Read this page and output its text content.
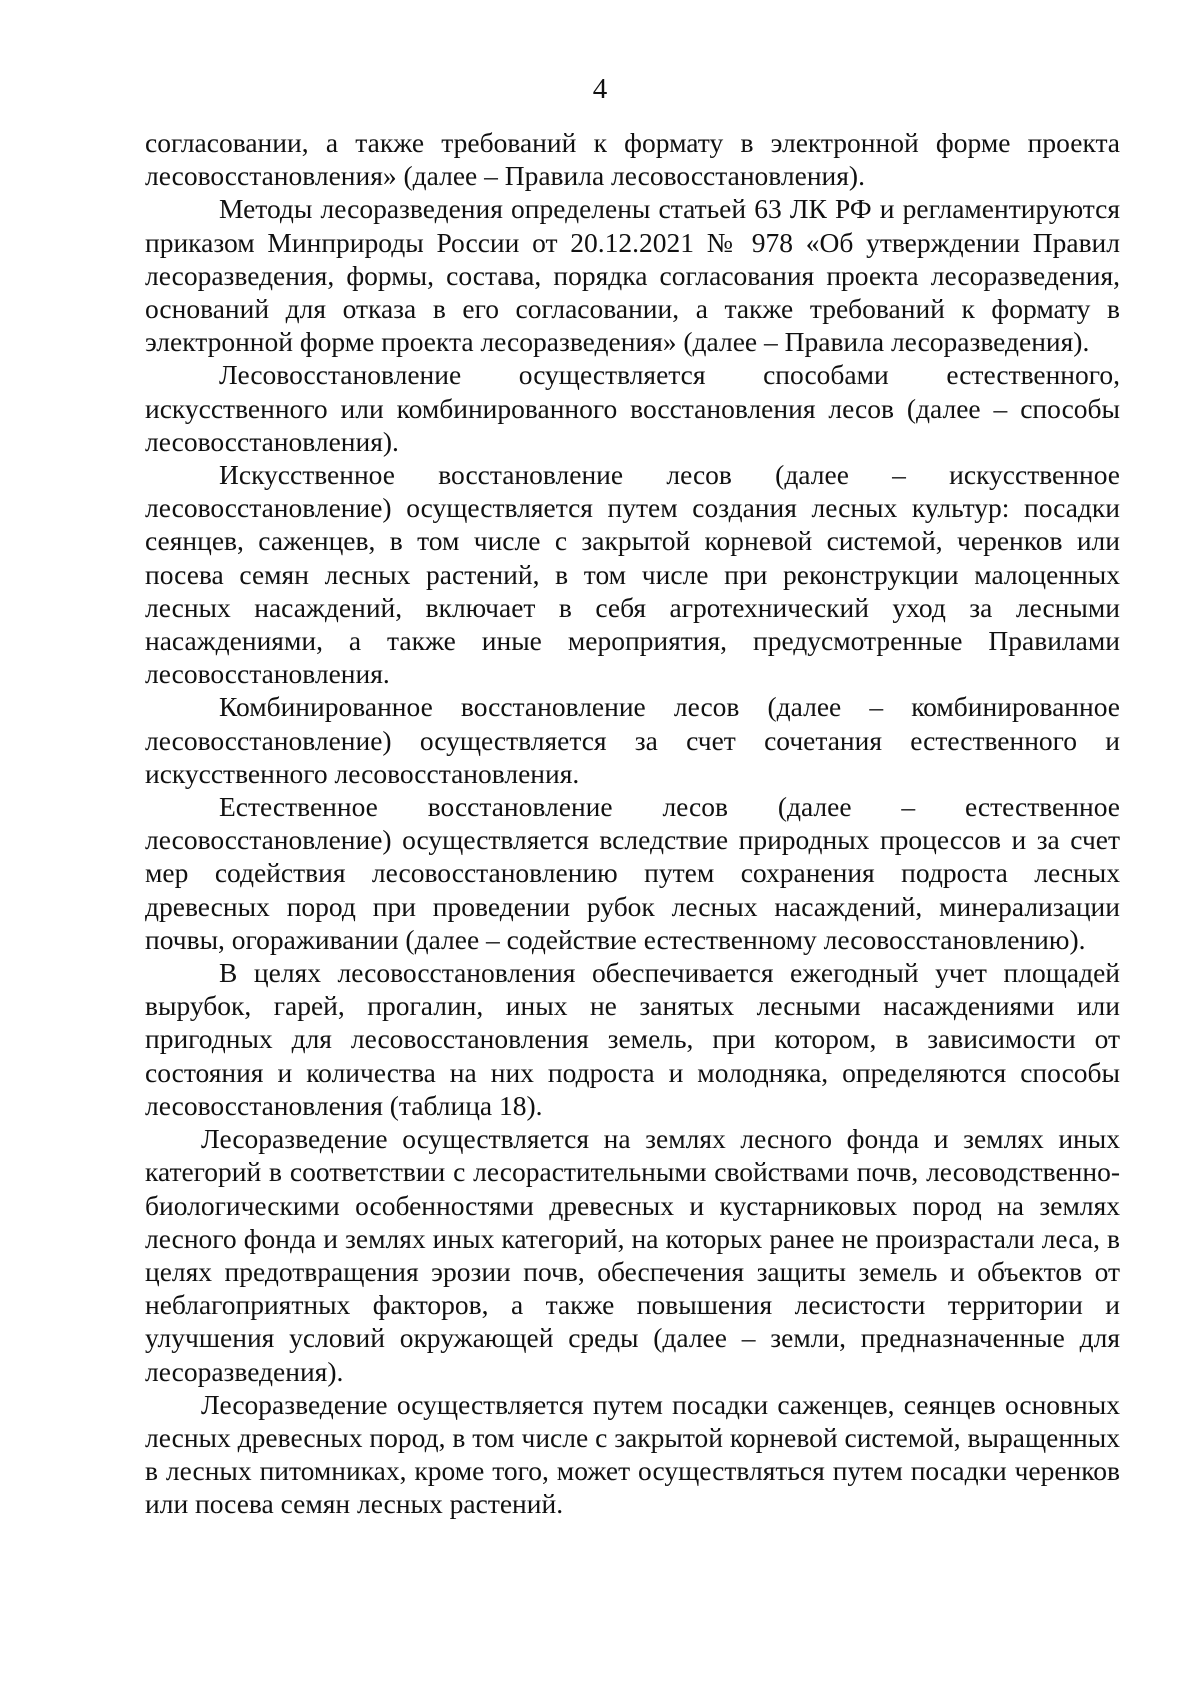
4

согласовании, а также требований к формату в электронной форме проекта лесовосстановления» (далее – Правила лесовосстановления).

Методы лесоразведения определены статьей 63 ЛК РФ и регламентируются приказом Минприроды России от 20.12.2021 № 978 «Об утверждении Правил лесоразведения, формы, состава, порядка согласования проекта лесоразведения, оснований для отказа в его согласовании, а также требований к формату в электронной форме проекта лесоразведения» (далее – Правила лесоразведения).

Лесовосстановление осуществляется способами естественного, искусственного или комбинированного восстановления лесов (далее – способы лесовосстановления).

Искусственное восстановление лесов (далее – искусственное лесовосстановление) осуществляется путем создания лесных культур: посадки сеянцев, саженцев, в том числе с закрытой корневой системой, черенков или посева семян лесных растений, в том числе при реконструкции малоценных лесных насаждений, включает в себя агротехнический уход за лесными насаждениями, а также иные мероприятия, предусмотренные Правилами лесовосстановления.

Комбинированное восстановление лесов (далее – комбинированное лесовосстановление) осуществляется за счет сочетания естественного и искусственного лесовосстановления.

Естественное восстановление лесов (далее – естественное лесовосстановление) осуществляется вследствие природных процессов и за счет мер содействия лесовосстановлению путем сохранения подроста лесных древесных пород при проведении рубок лесных насаждений, минерализации почвы, огораживании (далее – содействие естественному лесовосстановлению).

В целях лесовосстановления обеспечивается ежегодный учет площадей вырубок, гарей, прогалин, иных не занятых лесными насаждениями или пригодных для лесовосстановления земель, при котором, в зависимости от состояния и количества на них подроста и молодняка, определяются способы лесовосстановления (таблица 18).

Лесоразведение осуществляется на землях лесного фонда и землях иных категорий в соответствии с лесорастительными свойствами почв, лесоводственно-биологическими особенностями древесных и кустарниковых пород на землях лесного фонда и землях иных категорий, на которых ранее не произрастали леса, в целях предотвращения эрозии почв, обеспечения защиты земель и объектов от неблагоприятных факторов, а также повышения лесистости территории и улучшения условий окружающей среды (далее – земли, предназначенные для лесоразведения).

Лесоразведение осуществляется путем посадки саженцев, сеянцев основных лесных древесных пород, в том числе с закрытой корневой системой, выращенных в лесных питомниках, кроме того, может осуществляться путем посадки черенков или посева семян лесных растений.
